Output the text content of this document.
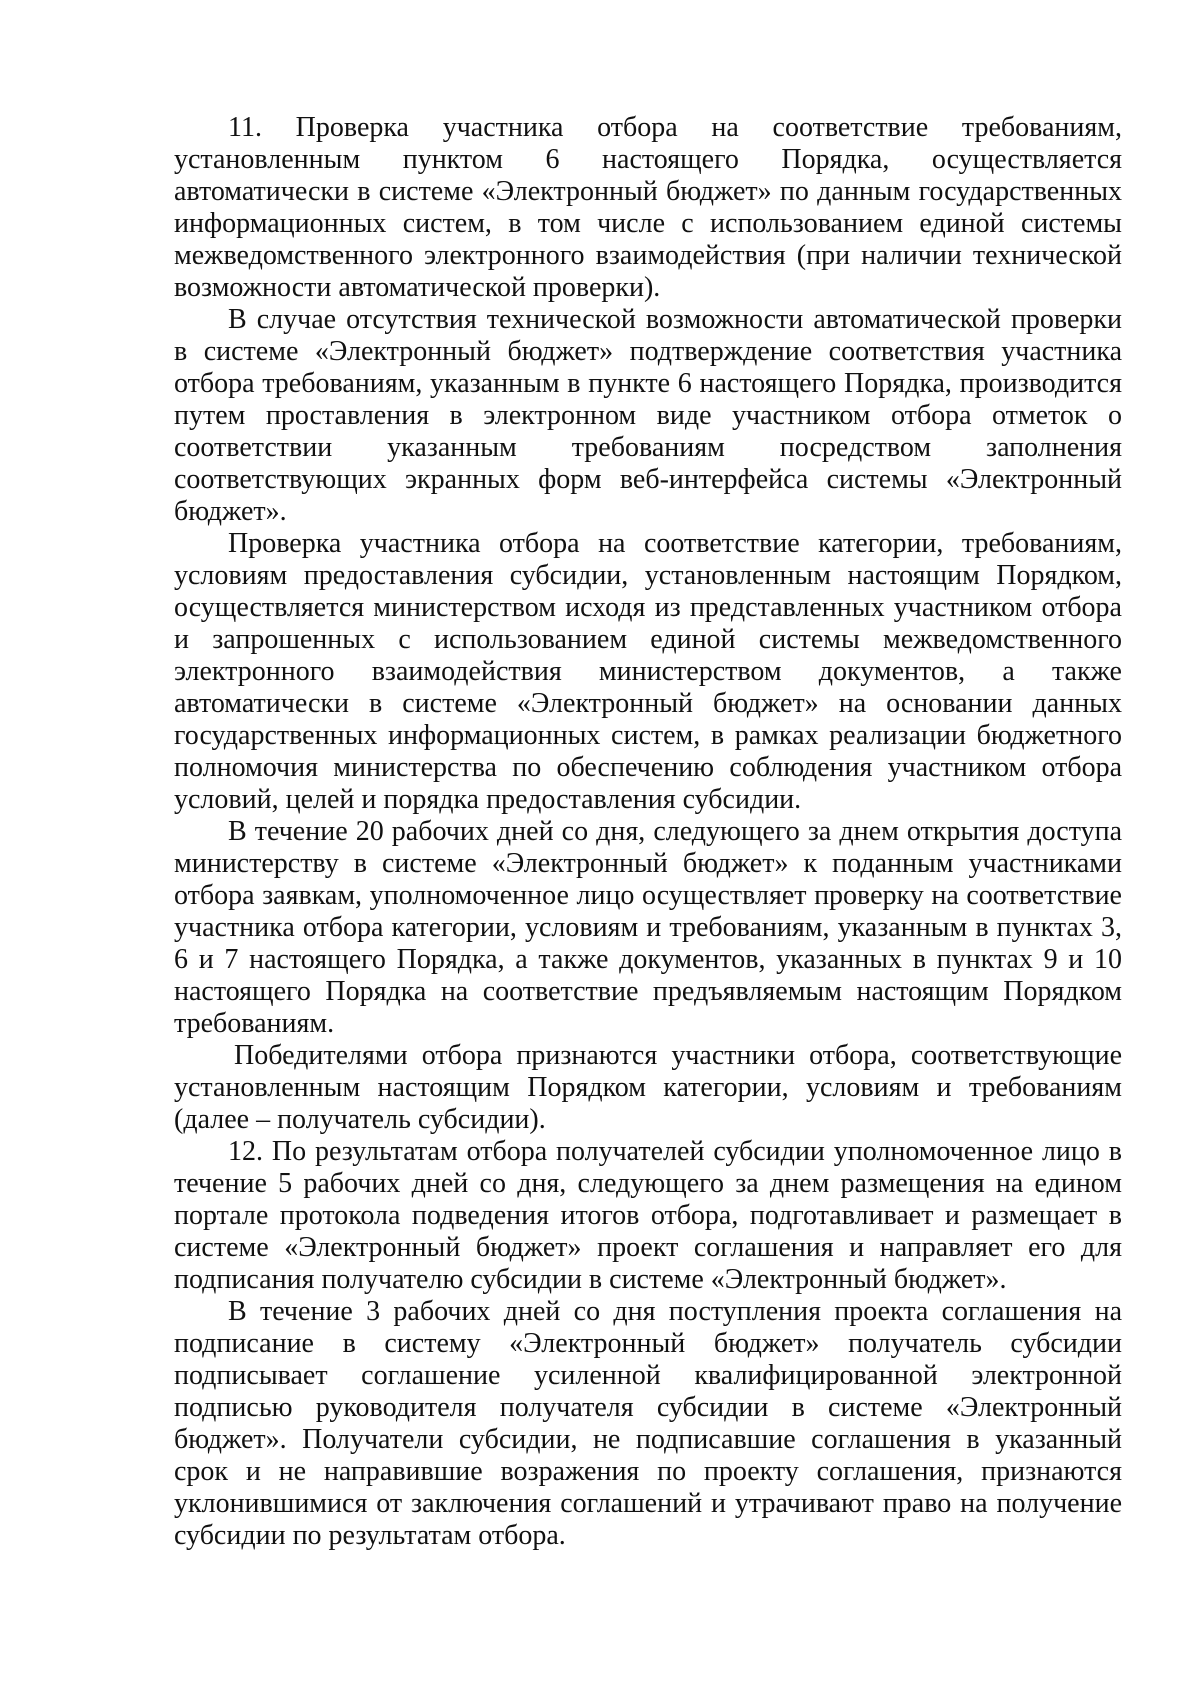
11. Проверка участника отбора на соответствие требованиям, установленным пунктом 6 настоящего Порядка, осуществляется автоматически в системе «Электронный бюджет» по данным государственных информационных систем, в том числе с использованием единой системы межведомственного электронного взаимодействия (при наличии технической возможности автоматической проверки).

В случае отсутствия технической возможности автоматической проверки в системе «Электронный бюджет» подтверждение соответствия участника отбора требованиям, указанным в пункте 6 настоящего Порядка, производится путем проставления в электронном виде участником отбора отметок о соответствии указанным требованиям посредством заполнения соответствующих экранных форм веб-интерфейса системы «Электронный бюджет».

Проверка участника отбора на соответствие категории, требованиям, условиям предоставления субсидии, установленным настоящим Порядком, осуществляется министерством исходя из представленных участником отбора и запрошенных с использованием единой системы межведомственного электронного взаимодействия министерством документов, а также автоматически в системе «Электронный бюджет» на основании данных государственных информационных систем, в рамках реализации бюджетного полномочия министерства по обеспечению соблюдения участником отбора условий, целей и порядка предоставления субсидии.

В течение 20 рабочих дней со дня, следующего за днем открытия доступа министерству в системе «Электронный бюджет» к поданным участниками отбора заявкам, уполномоченное лицо осуществляет проверку на соответствие участника отбора категории, условиям и требованиям, указанным в пунктах 3, 6 и 7 настоящего Порядка, а также документов, указанных в пунктах 9 и 10 настоящего Порядка на соответствие предъявляемым настоящим Порядком требованиям.

Победителями отбора признаются участники отбора, соответствующие установленным настоящим Порядком категории, условиям и требованиям (далее – получатель субсидии).

12. По результатам отбора получателей субсидии уполномоченное лицо в течение 5 рабочих дней со дня, следующего за днем размещения на едином портале протокола подведения итогов отбора, подготавливает и размещает в системе «Электронный бюджет» проект соглашения и направляет его для подписания получателю субсидии в системе «Электронный бюджет».

В течение 3 рабочих дней со дня поступления проекта соглашения на подписание в систему «Электронный бюджет» получатель субсидии подписывает соглашение усиленной квалифицированной электронной подписью руководителя получателя субсидии в системе «Электронный бюджет». Получатели субсидии, не подписавшие соглашения в указанный срок и не направившие возражения по проекту соглашения, признаются уклонившимися от заключения соглашений и утрачивают право на получение субсидии по результатам отбора.
